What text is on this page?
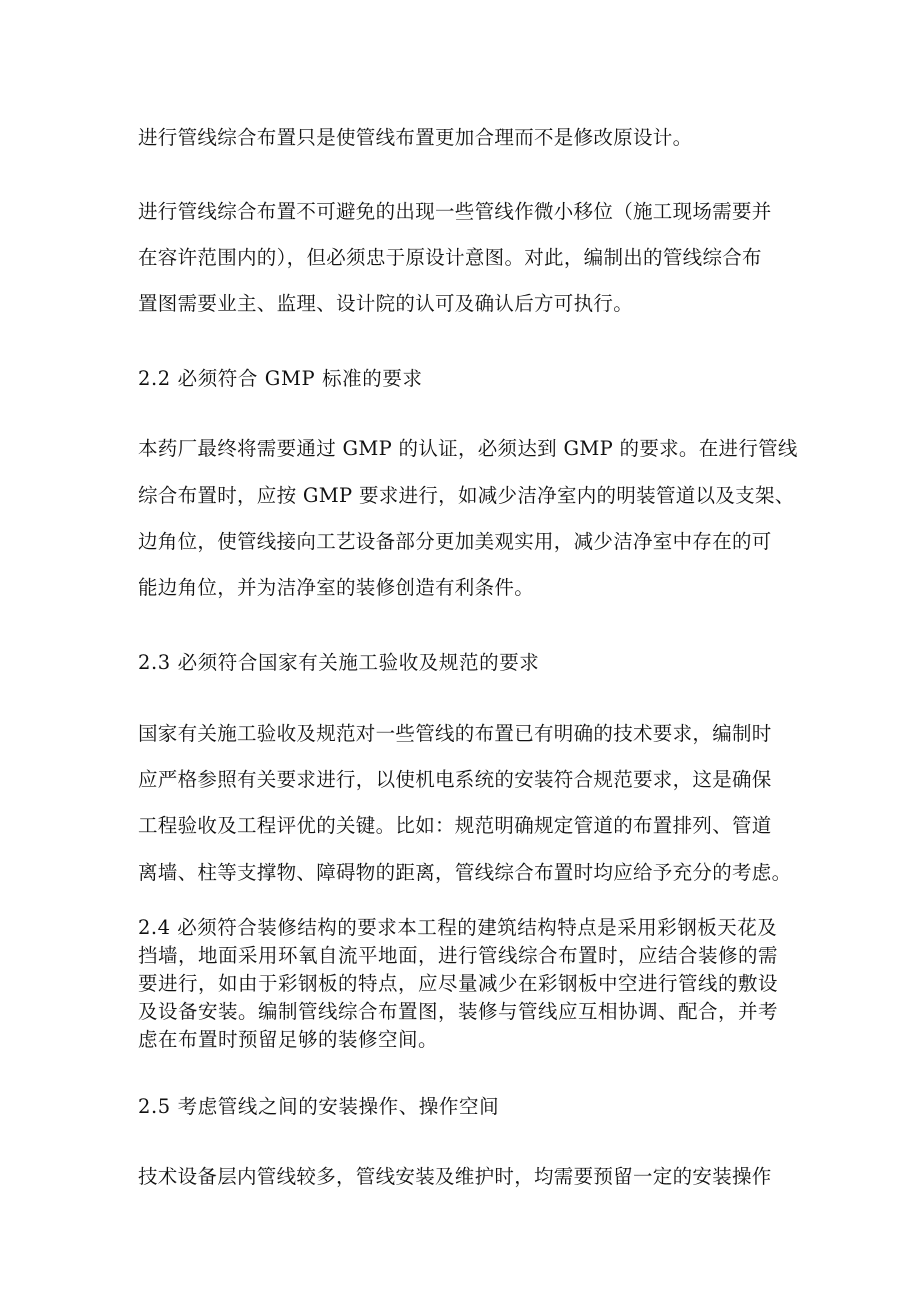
进行管线综合布置只是使管线布置更加合理而不是修改原设计。
进行管线综合布置不可避免的出现一些管线作微小移位（施工现场需要并
在容许范围内的），但必须忠于原设计意图。对此，编制出的管线综合布
置图需要业主、监理、设计院的认可及确认后方可执行。
2.2 必须符合 GMP 标准的要求
本药厂最终将需要通过 GMP 的认证，必须达到 GMP 的要求。在进行管线
综合布置时，应按 GMP 要求进行，如减少洁净室内的明装管道以及支架、
边角位，使管线接向工艺设备部分更加美观实用，减少洁净室中存在的可
能边角位，并为洁净室的装修创造有利条件。
2.3 必须符合国家有关施工验收及规范的要求
国家有关施工验收及规范对一些管线的布置已有明确的技术要求，编制时
应严格参照有关要求进行，以使机电系统的安装符合规范要求，这是确保
工程验收及工程评优的关键。比如：规范明确规定管道的布置排列、管道
离墙、柱等支撑物、障碍物的距离，管线综合布置时均应给予充分的考虑。
2.4 必须符合装修结构的要求本工程的建筑结构特点是采用彩钢板天花及
挡墙，地面采用环氧自流平地面，进行管线综合布置时，应结合装修的需
要进行，如由于彩钢板的特点，应尽量减少在彩钢板中空进行管线的敷设
及设备安装。编制管线综合布置图，装修与管线应互相协调、配合，并考
虑在布置时预留足够的装修空间。
2.5 考虑管线之间的安装操作、操作空间
技术设备层内管线较多，管线安装及维护时，均需要预留一定的安装操作
